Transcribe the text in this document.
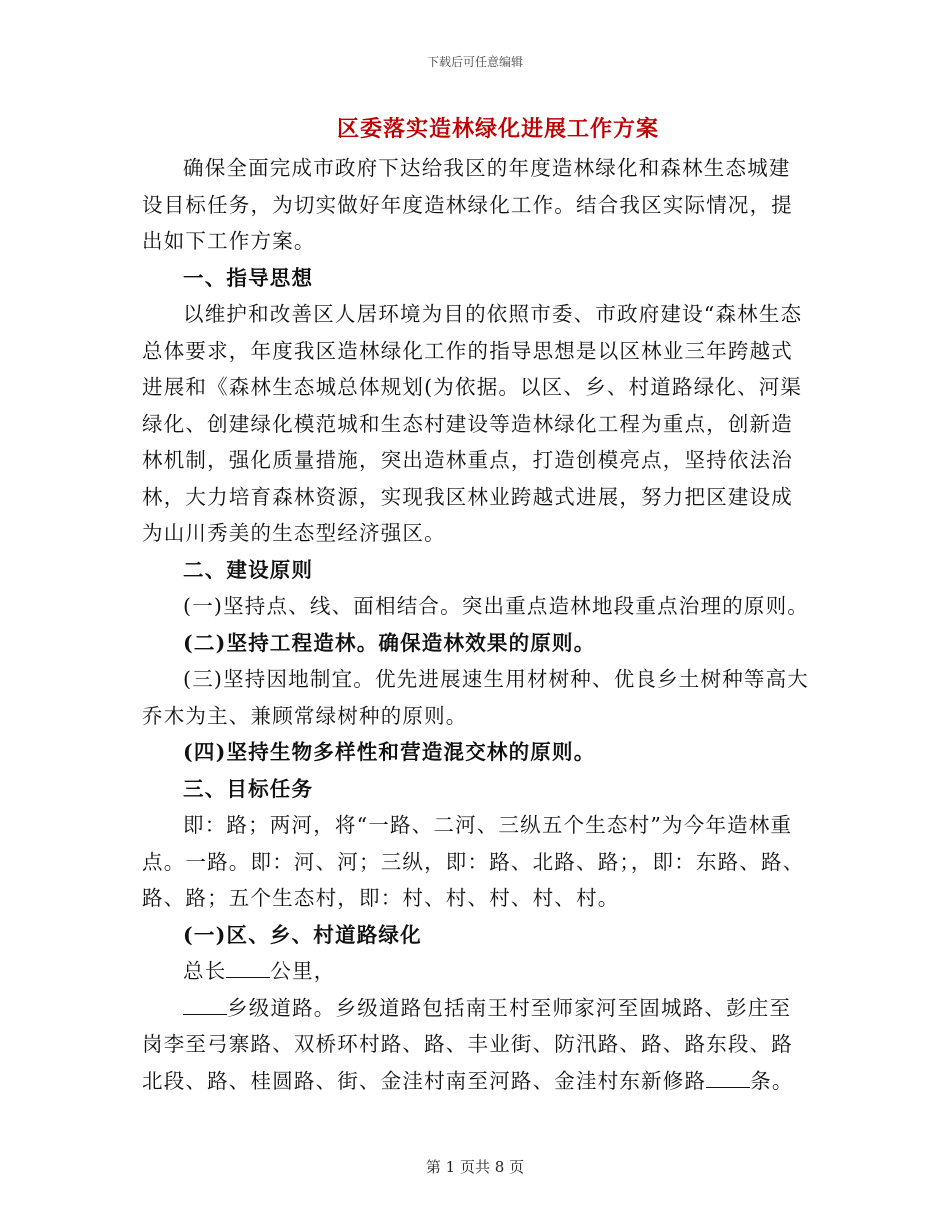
下载后可任意编辑
区委落实造林绿化进展工作方案

确保全面完成市政府下达给我区的年度造林绿化和森林生态城建设目标任务，为切实做好年度造林绿化工作。结合我区实际情况，提出如下工作方案。

一、指导思想

以维护和改善区人居环境为目的依照市委、市政府建设“森林生态总体要求，年度我区造林绿化工作的指导思想是以区林业三年跨越式进展和《森林生态城总体规划(为依据。以区、乡、村道路绿化、河渠绿化、创建绿化模范城和生态村建设等造林绿化工程为重点，创新造林机制，强化质量措施，突出造林重点，打造创模亮点，坚持依法治林，大力培育森林资源，实现我区林业跨越式进展，努力把区建设成为山川秀美的生态型经济强区。

二、建设原则

(一)坚持点、线、面相结合。突出重点造林地段重点治理的原则。

(二)坚持工程造林。确保造林效果的原则。

(三)坚持因地制宜。优先进展速生用材树种、优良乡土树种等高大乔木为主、兼顾常绿树种的原则。

(四)坚持生物多样性和营造混交林的原则。

三、目标任务

即：路；两河，将“一路、二河、三纵五个生态村”为今年造林重点。一路。即：河、河；三纵，即：路、北路、路；，即：东路、路、路、路；五个生态村，即：村、村、村、村、村。

(一)区、乡、村道路绿化

总长 公里，

乡级道路。乡级道路包括南王村至师家河至固城路、彭庄至岗李至弓寨路、双桥环村路、路、丰业街、防汛路、路、路东段、路北段、路、桂圆路、街、金洼村南至河路、金洼村东新修路 条。

第 1 页共 8 页
